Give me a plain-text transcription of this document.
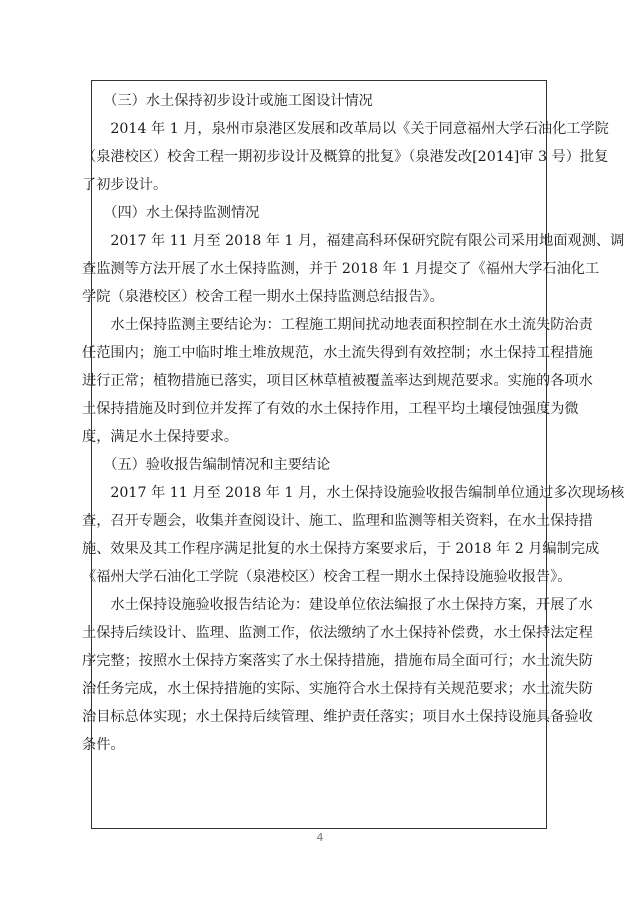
　　（三）水土保持初步设计或施工图设计情况
　　2014 年 1 月，泉州市泉港区发展和改革局以《关于同意福州大学石油化工学院
（泉港校区）校舍工程一期初步设计及概算的批复》（泉港发改[2014]审 3 号）批复
了初步设计。
　　（四）水土保持监测情况
　　2017 年 11 月至 2018 年 1 月，福建高科环保研究院有限公司采用地面观测、调
查监测等方法开展了水土保持监测，并于 2018 年 1 月提交了《福州大学石油化工
学院（泉港校区）校舍工程一期水土保持监测总结报告》。
　　水土保持监测主要结论为：工程施工期间扰动地表面积控制在水土流失防治责
任范围内；施工中临时堆土堆放规范，水土流失得到有效控制；水土保持工程措施
进行正常；植物措施已落实，项目区林草植被覆盖率达到规范要求。实施的各项水
土保持措施及时到位并发挥了有效的水土保持作用，工程平均土壤侵蚀强度为微
度，满足水土保持要求。
　　（五）验收报告编制情况和主要结论
　　2017 年 11 月至 2018 年 1 月，水土保持设施验收报告编制单位通过多次现场核
查，召开专题会，收集并查阅设计、施工、监理和监测等相关资料，在水土保持措
施、效果及其工作程序满足批复的水土保持方案要求后，于 2018 年 2 月编制完成
《福州大学石油化工学院（泉港校区）校舍工程一期水土保持设施验收报告》。
　　水土保持设施验收报告结论为：建设单位依法编报了水土保持方案，开展了水
土保持后续设计、监理、监测工作，依法缴纳了水土保持补偿费，水土保持法定程
序完整；按照水土保持方案落实了水土保持措施，措施布局全面可行；水土流失防
治任务完成，水土保持措施的实际、实施符合水土保持有关规范要求；水土流失防
治目标总体实现；水土保持后续管理、维护责任落实；项目水土保持设施具备验收
条件。

4
